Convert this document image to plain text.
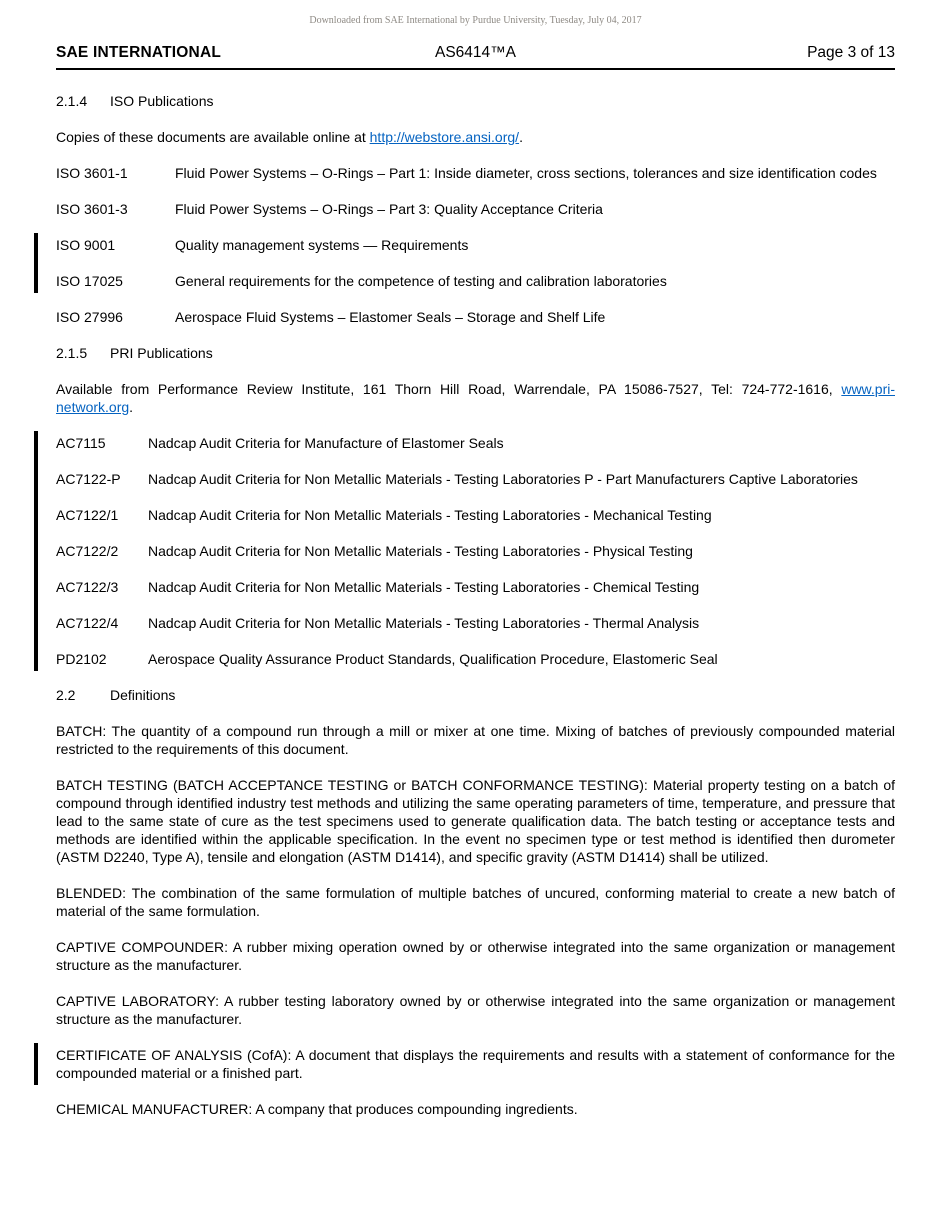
Downloaded from SAE International by Purdue University, Tuesday, July 04, 2017
SAE INTERNATIONAL	AS6414™A	Page 3 of 13
2.1.4 ISO Publications

Copies of these documents are available online at http://webstore.ansi.org/.

ISO 3601-1	Fluid Power Systems – O-Rings – Part 1: Inside diameter, cross sections, tolerances and size identification codes
ISO 3601-3	Fluid Power Systems – O-Rings – Part 3: Quality Acceptance Criteria
ISO 9001	Quality management systems — Requirements
ISO 17025	General requirements for the competence of testing and calibration laboratories
ISO 27996	Aerospace Fluid Systems – Elastomer Seals – Storage and Shelf Life
2.1.5 PRI Publications

Available from Performance Review Institute, 161 Thorn Hill Road, Warrendale, PA 15086-7527, Tel: 724-772-1616, www.pri-network.org.

AC7115	Nadcap Audit Criteria for Manufacture of Elastomer Seals
AC7122-P	Nadcap Audit Criteria for Non Metallic Materials - Testing Laboratories P - Part Manufacturers Captive Laboratories
AC7122/1	Nadcap Audit Criteria for Non Metallic Materials - Testing Laboratories - Mechanical Testing
AC7122/2	Nadcap Audit Criteria for Non Metallic Materials - Testing Laboratories - Physical Testing
AC7122/3	Nadcap Audit Criteria for Non Metallic Materials - Testing Laboratories - Chemical Testing
AC7122/4	Nadcap Audit Criteria for Non Metallic Materials - Testing Laboratories - Thermal Analysis
PD2102	Aerospace Quality Assurance Product Standards, Qualification Procedure, Elastomeric Seal
2.2 Definitions

BATCH: The quantity of a compound run through a mill or mixer at one time. Mixing of batches of previously compounded material restricted to the requirements of this document.

BATCH TESTING (BATCH ACCEPTANCE TESTING or BATCH CONFORMANCE TESTING): Material property testing on a batch of compound through identified industry test methods and utilizing the same operating parameters of time, temperature, and pressure that lead to the same state of cure as the test specimens used to generate qualification data. The batch testing or acceptance tests and methods are identified within the applicable specification. In the event no specimen type or test method is identified then durometer (ASTM D2240, Type A), tensile and elongation (ASTM D1414), and specific gravity (ASTM D1414) shall be utilized.

BLENDED: The combination of the same formulation of multiple batches of uncured, conforming material to create a new batch of material of the same formulation.

CAPTIVE COMPOUNDER: A rubber mixing operation owned by or otherwise integrated into the same organization or management structure as the manufacturer.

CAPTIVE LABORATORY: A rubber testing laboratory owned by or otherwise integrated into the same organization or management structure as the manufacturer.

CERTIFICATE OF ANALYSIS (CofA): A document that displays the requirements and results with a statement of conformance for the compounded material or a finished part.

CHEMICAL MANUFACTURER: A company that produces compounding ingredients.
